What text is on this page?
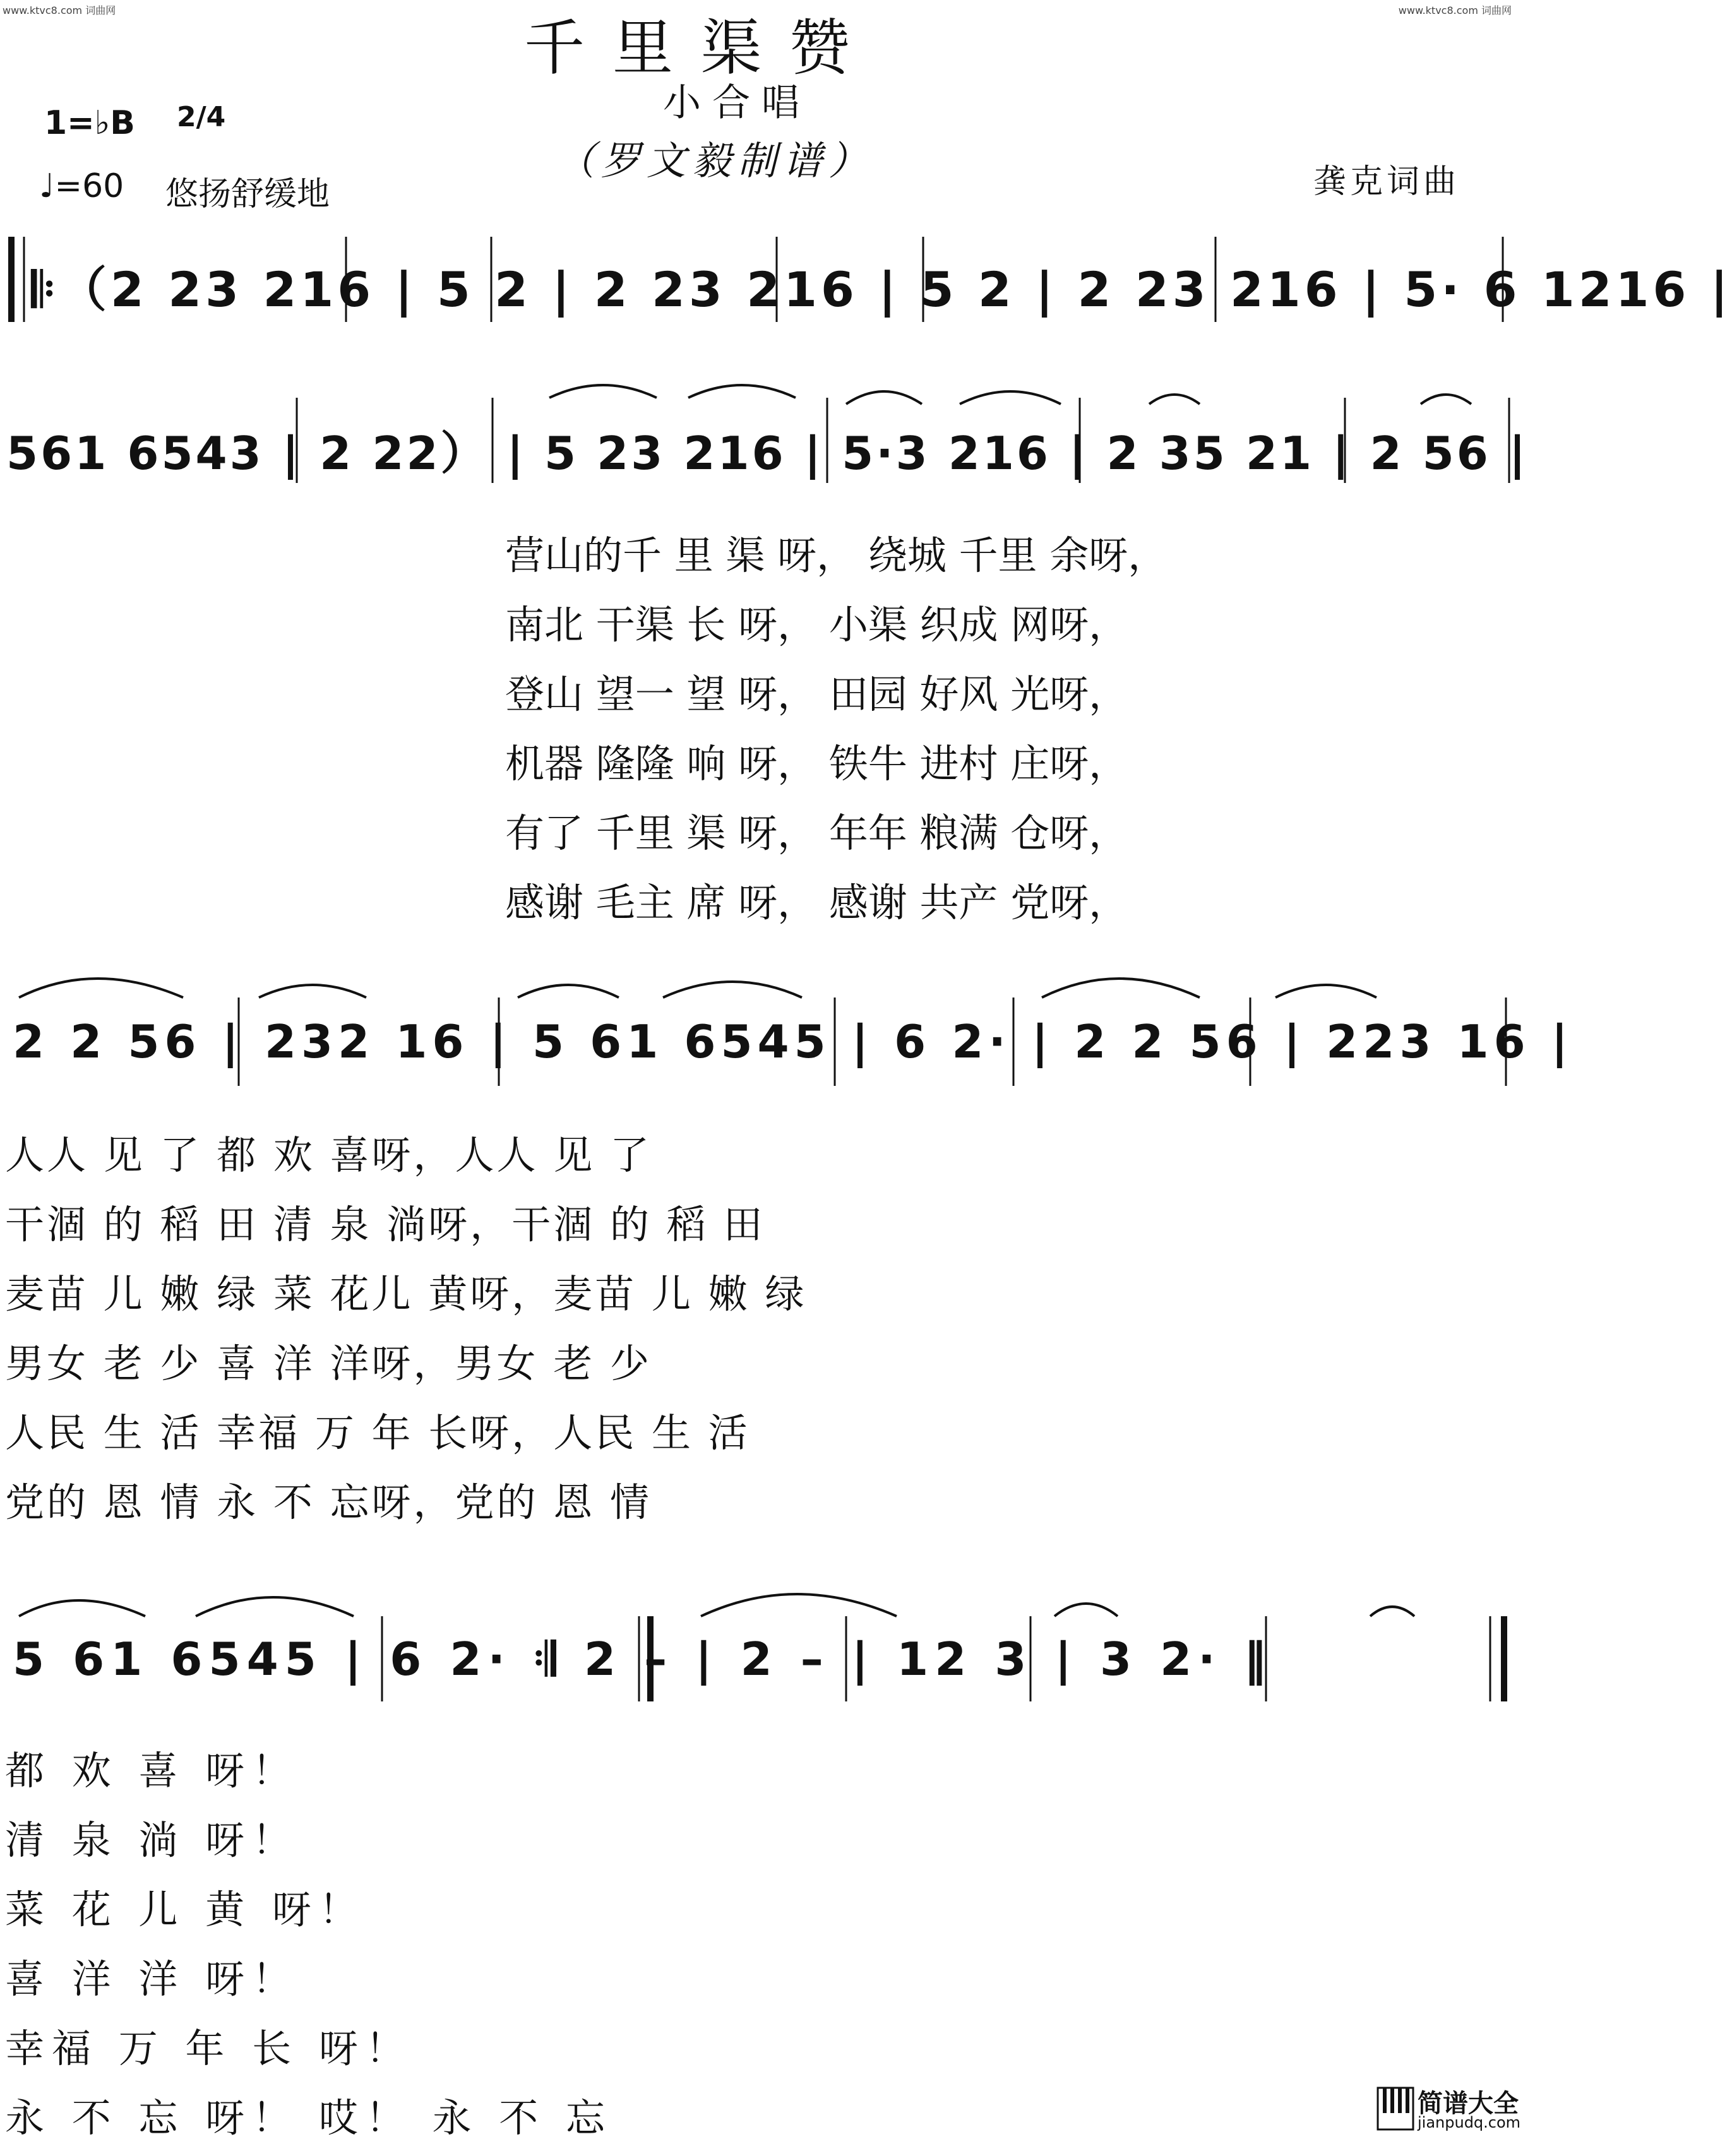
www.ktvc8.com 词曲网	www.ktvc8.com 词曲网
千里渠赞
小合唱
（罗文毅制谱）
1=♭B 2/4
♩=60 悠扬舒缓地	龚克词曲
𝄆（2 23 216 | 5 2 | 2 23 216 | 5 2 | 2 23 216 | 5· 6 1216 |
561 6543 | 2 22） | 5 23 216 | 5·3 216 | 2 35 21 | 2 56 |
营山的千 里 渠 呀， 绕城 千里 余呀，
南北 干渠 长 呀， 小渠 织成 网呀，
登山 望一 望 呀， 田园 好风 光呀，
机器 隆隆 响 呀， 铁牛 进村 庄呀，
有了 千里 渠 呀， 年年 粮满 仓呀，
感谢 毛主 席 呀， 感谢 共产 党呀，
2 2 56 | 232 16 | 5 61 6545 | 6 2· | 2 2 56 | 223 16 |
人人 见 了 都 欢 喜呀，人人 见 了
干涸 的 稻 田 清 泉 淌呀，干涸 的 稻 田
麦苗 儿 嫩 绿 菜 花儿 黄呀，麦苗 儿 嫩 绿
男女 老 少 喜 洋 洋呀，男女 老 少
人民 生 活 幸福 万 年 长呀，人民 生 活
党的 恩 情 永 不 忘呀，党的 恩 情
5 61 6545 | 6 2· 𝄇 2 – | 2 – | 12 3 | 3 2· ‖
都 欢 喜 呀！
清 泉 淌 呀！
菜 花 儿 黄 呀！
喜 洋 洋 呀！
幸福 万 年 长 呀！
永 不 忘 呀！ 哎！ 永 不 忘	简谱大全
jianpudq.com
